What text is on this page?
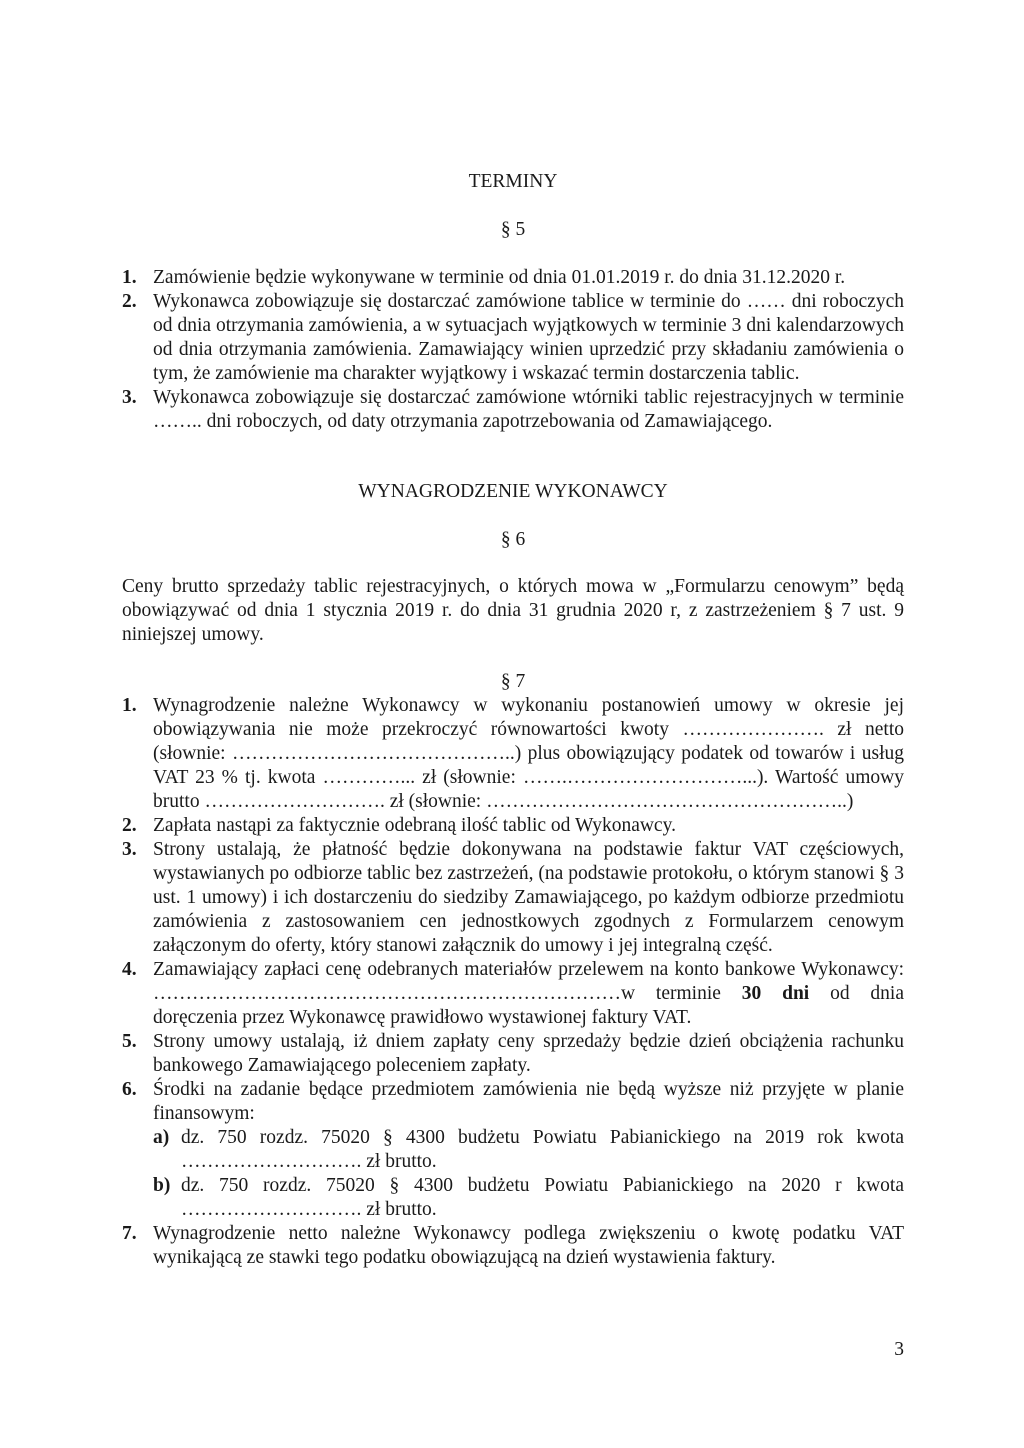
TERMINY
§ 5
1. Zamówienie będzie wykonywane w terminie od dnia 01.01.2019 r. do dnia 31.12.2020 r.
2. Wykonawca zobowiązuje się dostarczać zamówione tablice w terminie do …… dni roboczych od dnia otrzymania zamówienia, a w sytuacjach wyjątkowych w terminie 3 dni kalendarzowych od dnia otrzymania zamówienia. Zamawiający winien uprzedzić przy składaniu zamówienia o tym, że zamówienie ma charakter wyjątkowy i wskazać termin dostarczenia tablic.
3. Wykonawca zobowiązuje się dostarczać zamówione wtórniki tablic rejestracyjnych w terminie …….. dni roboczych, od daty otrzymania zapotrzebowania od Zamawiającego.
WYNAGRODZENIE WYKONAWCY
§ 6
Ceny brutto sprzedaży tablic rejestracyjnych, o których mowa w „Formularzu cenowym” będą obowiązywać od dnia 1 stycznia 2019 r. do dnia 31 grudnia 2020 r, z zastrzeżeniem § 7 ust. 9 niniejszej umowy.
§ 7
1. Wynagrodzenie należne Wykonawcy w wykonaniu postanowień umowy w okresie jej obowiązywania nie może przekroczyć równowartości kwoty …………………. zł netto (słownie: ……………………………………..) plus obowiązujący podatek od towarów i usług VAT 23 % tj. kwota …………... zł (słownie: …….………………………...). Wartość umowy brutto ………………………. zł (słownie: ………………………………………………..)
2. Zapłata nastąpi za faktycznie odebraną ilość tablic od Wykonawcy.
3. Strony ustalają, że płatność będzie dokonywana na podstawie faktur VAT częściowych, wystawianych po odbiorze tablic bez zastrzeżeń, (na podstawie protokołu, o którym stanowi § 3 ust. 1 umowy) i ich dostarczeniu do siedziby Zamawiającego, po każdym odbiorze przedmiotu zamówienia z zastosowaniem cen jednostkowych zgodnych z Formularzem cenowym załączonym do oferty, który stanowi załącznik do umowy i jej integralną część.
4. Zamawiający zapłaci cenę odebranych materiałów przelewem na konto bankowe Wykonawcy: ………………………………………………………………w terminie 30 dni od dnia doręczenia przez Wykonawcę prawidłowo wystawionej faktury VAT.
5. Strony umowy ustalają, iż dniem zapłaty ceny sprzedaży będzie dzień obciążenia rachunku bankowego Zamawiającego poleceniem zapłaty.
6. Środki na zadanie będące przedmiotem zamówienia nie będą wyższe niż przyjęte w planie finansowym:
a) dz. 750 rozdz. 75020 § 4300 budżetu Powiatu Pabianickiego na 2019 rok kwota ………………………. zł brutto.
b) dz. 750 rozdz. 75020 § 4300 budżetu Powiatu Pabianickiego na 2020 r kwota ………………………. zł brutto.
7. Wynagrodzenie netto należne Wykonawcy podlega zwiększeniu o kwotę podatku VAT wynikającą ze stawki tego podatku obowiązującą na dzień wystawienia faktury.
3
